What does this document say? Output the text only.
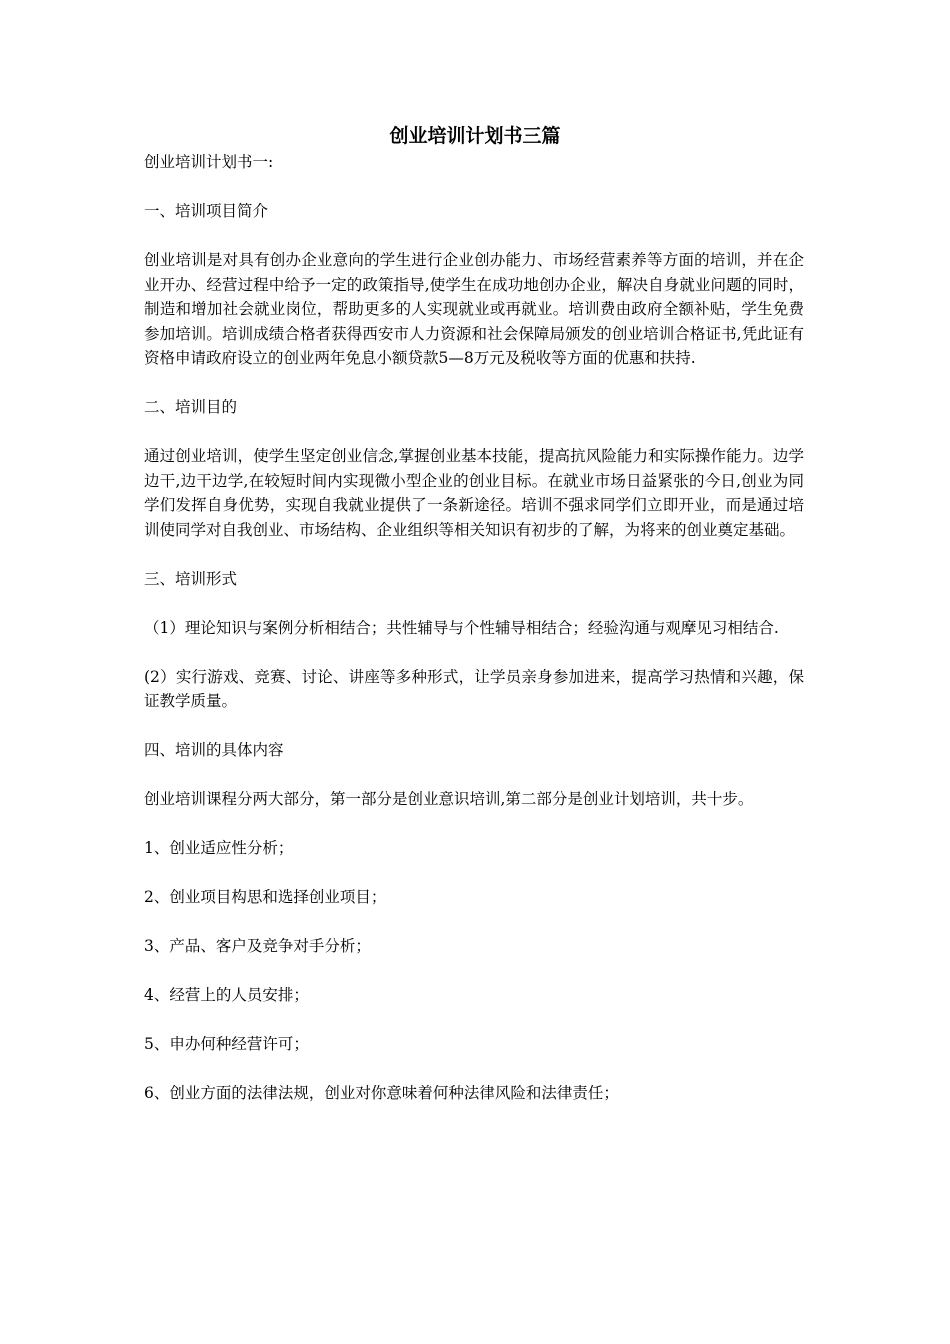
创业培训计划书三篇

创业培训计划书一:

一、培训项目简介

创业培训是对具有创办企业意向的学生进行企业创办能力、市场经营素养等方面的培训，并在企业开办、经营过程中给予一定的政策指导,使学生在成功地创办企业，解决自身就业问题的同时，制造和增加社会就业岗位，帮助更多的人实现就业或再就业。培训费由政府全额补贴，学生免费参加培训。培训成绩合格者获得西安市人力资源和社会保障局颁发的创业培训合格证书,凭此证有资格申请政府设立的创业两年免息小额贷款5—8万元及税收等方面的优惠和扶持.

二、培训目的

通过创业培训，使学生坚定创业信念,掌握创业基本技能，提高抗风险能力和实际操作能力。边学边干,边干边学,在较短时间内实现微小型企业的创业目标。在就业市场日益紧张的今日,创业为同学们发挥自身优势，实现自我就业提供了一条新途径。培训不强求同学们立即开业，而是通过培训使同学对自我创业、市场结构、企业组织等相关知识有初步的了解，为将来的创业奠定基础。

三、培训形式

（1）理论知识与案例分析相结合；共性辅导与个性辅导相结合；经验沟通与观摩见习相结合.

(2）实行游戏、竞赛、讨论、讲座等多种形式，让学员亲身参加进来，提高学习热情和兴趣，保证教学质量。

四、培训的具体内容

创业培训课程分两大部分，第一部分是创业意识培训,第二部分是创业计划培训，共十步。

1、创业适应性分析；

2、创业项目构思和选择创业项目；

3、产品、客户及竞争对手分析；

4、经营上的人员安排；

5、申办何种经营许可；

6、创业方面的法律法规，创业对你意味着何种法律风险和法律责任；
